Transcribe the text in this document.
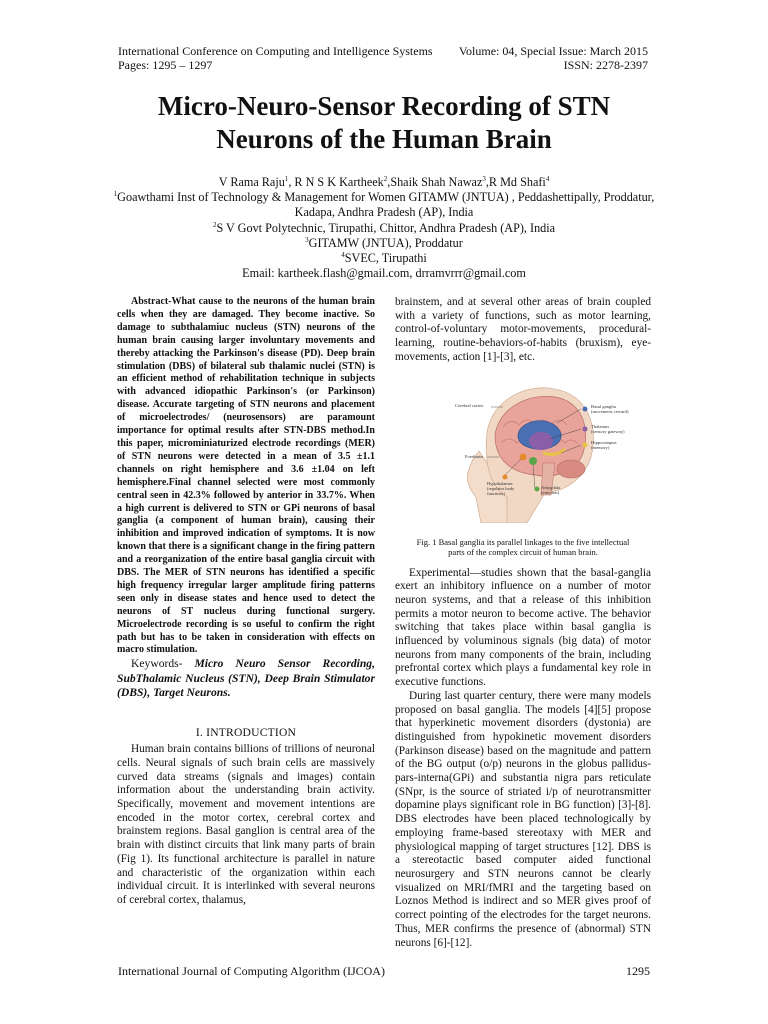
International Conference on Computing and Intelligence Systems
Pages: 1295 – 1297
Volume: 04, Special Issue: March 2015
ISSN: 2278-2397
Micro-Neuro-Sensor Recording of STN
Neurons of the Human Brain
V Rama Raju$^1$, R N S K Kartheek$^2$,Shaik Shah Nawaz$^3$,R Md Shafi$^4$
$^1$Goawthami Inst of Technology & Management for Women GITAMW (JNTUA) , Peddashettipally, Proddatur,
Kadapa, Andhra Pradesh (AP), India
$^2$S V Govt Polytechnic, Tirupathi, Chittor, Andhra Pradesh (AP), India
$^3$GITAMW (JNTUA), Proddatur
$^4$SVEC, Tirupathi
Email: kartheek.flash@gmail.com, drramvrrr@gmail.com
Abstract-What cause to the neurons of the human brain cells when they are damaged. They become inactive. So damage to subthalamiuc nucleus (STN) neurons of the human brain causing larger involuntary movements and thereby attacking the Parkinson's disease (PD). Deep brain stimulation (DBS) of bilateral sub thalamic nuclei (STN) is an efficient method of rehabilitation technique in subjects with advanced idiopathic Parkinson's (or Parkinson) disease. Accurate targeting of STN neurons and placement of microelectrodes/ (neurosensors) are paramount importance for optimal results after STN-DBS method.In this paper, microminiaturized electrode recordings (MER) of STN neurons were detected in a mean of 3.5 ±1.1 channels on right hemisphere and 3.6 ±1.04 on left hemisphere.Final channel selected were most commonly central seen in 42.3% followed by anterior in 33.7%. When a high current is delivered to STN or GPi neurons of basal ganglia (a component of human brain), causing their inhibition and improved indication of symptoms. It is now known that there is a significant change in the firing pattern and a reorganization of the entire basal ganglia circuit with DBS. The MER of STN neurons has identified a specific high frequency irregular larger amplitude firing patterns seen only in disease states and hence used to detect the neurons of ST nucleus during functional surgery. Microelectrode recording is so useful to confirm the right path but has to be taken in consideration with effects on macro stimulation.
Keywords- Micro Neuro Sensor Recording, SubThalamic Nucleus (STN), Deep Brain Stimulator (DBS), Target Neurons.
I. INTRODUCTION

Human brain contains billions of trillions of neuronal cells. Neural signals of such brain cells are massively curved data streams (signals and images) contain information about the understanding brain activity. Specifically, movement and movement intentions are encoded in the motor cortex, cerebral cortex and brainstem regions. Basal ganglion is central area of the brain with distinct circuits that link many parts of brain (Fig 1). Its functional architecture is parallel in nature and characteristic of the organization within each individual circuit. It is interlinked with several neurons of cerebral cortex, thalamus,

brainstem, and at several other areas of brain coupled with a variety of functions, such as motor learning, control-of-voluntary motor-movements, procedural-learning, routine-behaviors-of-habits (bruxism), eye-movements, action [1]-[3], etc.

Cerebral cortex	Basal ganglia
(movement, reward)
Thalamus
(sensory gateway)
Hippocampus
(memory)
Forebrain
Hypothalamus
(regulates body functions)
Amygdala
(emotion)
Fig. 1 Basal ganglia its parallel linkages to the five intellectual
parts of the complex circuit of human brain.

Experimental—studies shown that the basal-ganglia exert an inhibitory influence on a number of motor neuron systems, and that a release of this inhibition permits a motor neuron to become active. The behavior switching that takes place within basal ganglia is influenced by voluminous signals (big data) of motor neurons from many components of the brain, including prefrontal cortex which plays a fundamental key role in executive functions.

During last quarter century, there were many models proposed on basal ganglia. The models [4][5] propose that hyperkinetic movement disorders (dystonia) are distinguished from hypokinetic movement disorders (Parkinson disease) based on the magnitude and pattern of the BG output (o/p) neurons in the globus pallidus-pars-interna(GPi) and substantia nigra pars reticulate (SNpr, is the source of striated i/p of neurotransmitter dopamine plays significant role in BG function) [3]-[8]. DBS electrodes have been placed technologically by employing frame-based stereotaxy with MER and physiological mapping of target structures [12]. DBS is a stereotactic based computer aided functional neurosurgery and STN neurons cannot be clearly visualized on MRI/fMRI and the targeting based on Loznos Method is indirect and so MER gives proof of correct pointing of the electrodes for the target neurons. Thus, MER confirms the presence of (abnormal) STN neurons [6]-[12].

International Journal of Computing Algorithm (IJCOA)	1295
